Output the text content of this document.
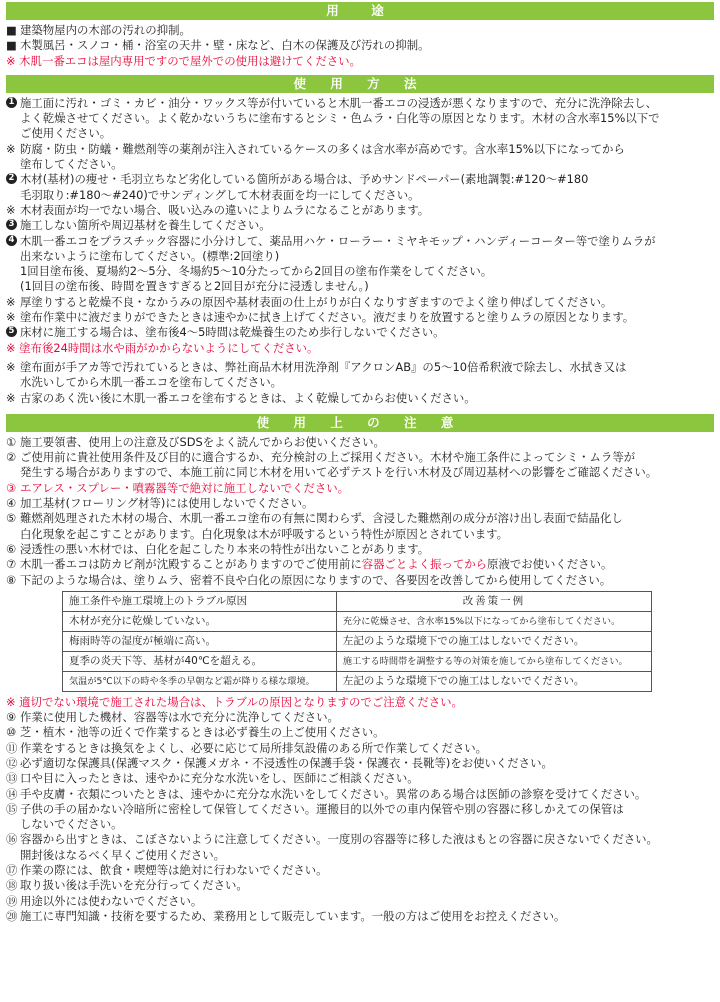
用　途
■ 建築物屋内の木部の汚れの抑制。
■ 木製風呂・スノコ・桶・浴室の天井・壁・床など、白木の保護及び汚れの抑制。
※ 木肌一番エコは屋内専用ですので屋外での使用は避けてください。
使 用 方 法
1 施工面に汚れ・ゴミ・カビ・油分・ワックス等が付いていると木肌一番エコの浸透が悪くなりますので、充分に洗浄除去し、
よく乾燥させてください。よく乾かないうちに塗布するとシミ・色ムラ・白化等の原因となります。木材の含水率15%以下で
ご使用ください。
※ 防腐・防虫・防蟻・難燃剤等の薬剤が注入されているケースの多くは含水率が高めです。含水率15%以下になってから
塗布してください。
2 木材(基材)の痩せ・毛羽立ちなど劣化している箇所がある場合は、予めサンドペーパー(素地調製:#120〜#180
毛羽取り:#180〜#240)でサンディングして木材表面を均一にしてください。
※ 木材表面が均一でない場合、吸い込みの違いによりムラになることがあります。
3 施工しない箇所や周辺基材を養生してください。
4 木肌一番エコをプラスチック容器に小分けして、薬品用ハケ・ローラー・ミヤキモップ・ハンディーコーター等で塗りムラが
出来ないように塗布してください。(標準:2回塗り)
1回目塗布後、夏場約2〜5分、冬場約5〜10分たってから2回目の塗布作業をしてください。
(1回目の塗布後、時間を置きすぎると2回目が充分に浸透しません。)
※ 厚塗りすると乾燥不良・なかうみの原因や基材表面の仕上がりが白くなりすぎますのでよく塗り伸ばしてください。
※ 塗布作業中に液だまりができたときは速やかに拭き上げてください。液だまりを放置すると塗りムラの原因となります。
5 床材に施工する場合は、塗布後4〜5時間は乾燥養生のため歩行しないでください。
※ 塗布後24時間は水や雨がかからないようにしてください。
※ 塗布面が手アカ等で汚れているときは、弊社商品木材用洗浄剤『アクロンAB』の5〜10倍希釈液で除去し、水拭き又は
水洗いしてから木肌一番エコを塗布してください。
※ 古家のあく洗い後に木肌一番エコを塗布するときは、よく乾燥してからお使いください。
使 用 上 の 注 意
① 施工要領書、使用上の注意及びSDSをよく読んでからお使いください。
② ご使用前に貴社使用条件及び目的に適合するか、充分検討の上ご採用ください。木材や施工条件によってシミ・ムラ等が
発生する場合がありますので、本施工前に同じ木材を用いて必ずテストを行い木材及び周辺基材への影響をご確認ください。
③ エアレス・スプレー・噴霧器等で絶対に施工しないでください。
④ 加工基材(フローリング材等)には使用しないでください。
⑤ 難燃剤処理された木材の場合、木肌一番エコ塗布の有無に関わらず、含浸した難燃剤の成分が溶け出し表面で結晶化し
白化現象を起こすことがあります。白化現象は木が呼吸するという特性が原因とされています。
⑥ 浸透性の悪い木材では、白化を起こしたり本来の特性が出ないことがあります。
⑦ 木肌一番エコは防カビ剤が沈殿することがありますのでご使用前に容器ごとよく振ってから原液でお使いください。
⑧ 下記のような場合は、塗りムラ、密着不良や白化の原因になりますので、各要因を改善してから使用してください。
施工条件や施工環境上のトラブル原因	改善策一例
木材が充分に乾燥していない。	充分に乾燥させ、含水率15%以下になってから塗布してください。
梅雨時等の湿度が極端に高い。	左記のような環境下での施工はしないでください。
夏季の炎天下等、基材が40℃を超える。	施工する時間帯を調整する等の対策を施してから塗布してください。
気温が5℃以下の時や冬季の早朝など霜が降りる様な環境。	左記のような環境下での施工はしないでください。
※ 適切でない環境で施工された場合は、トラブルの原因となりますのでご注意ください。
⑨ 作業に使用した機材、容器等は水で充分に洗浄してください。
⑩ 芝・植木・池等の近くで作業するときは必ず養生の上ご使用ください。
⑪ 作業をするときは換気をよくし、必要に応じて局所排気設備のある所で作業してください。
⑫ 必ず適切な保護具(保護マスク・保護メガネ・不浸透性の保護手袋・保護衣・長靴等)をお使いください。
⑬ 口や目に入ったときは、速やかに充分な水洗いをし、医師にご相談ください。
⑭ 手や皮膚・衣類についたときは、速やかに充分な水洗いをしてください。異常のある場合は医師の診察を受けてください。
⑮ 子供の手の届かない冷暗所に密栓して保管してください。運搬目的以外での車内保管や別の容器に移しかえての保管は
しないでください。
⑯ 容器から出すときは、こぼさないように注意してください。一度別の容器等に移した液はもとの容器に戻さないでください。
開封後はなるべく早くご使用ください。
⑰ 作業の際には、飲食・喫煙等は絶対に行わないでください。
⑱ 取り扱い後は手洗いを充分行ってください。
⑲ 用途以外には使わないでください。
⑳ 施工に専門知識・技術を要するため、業務用として販売しています。一般の方はご使用をお控えください。
